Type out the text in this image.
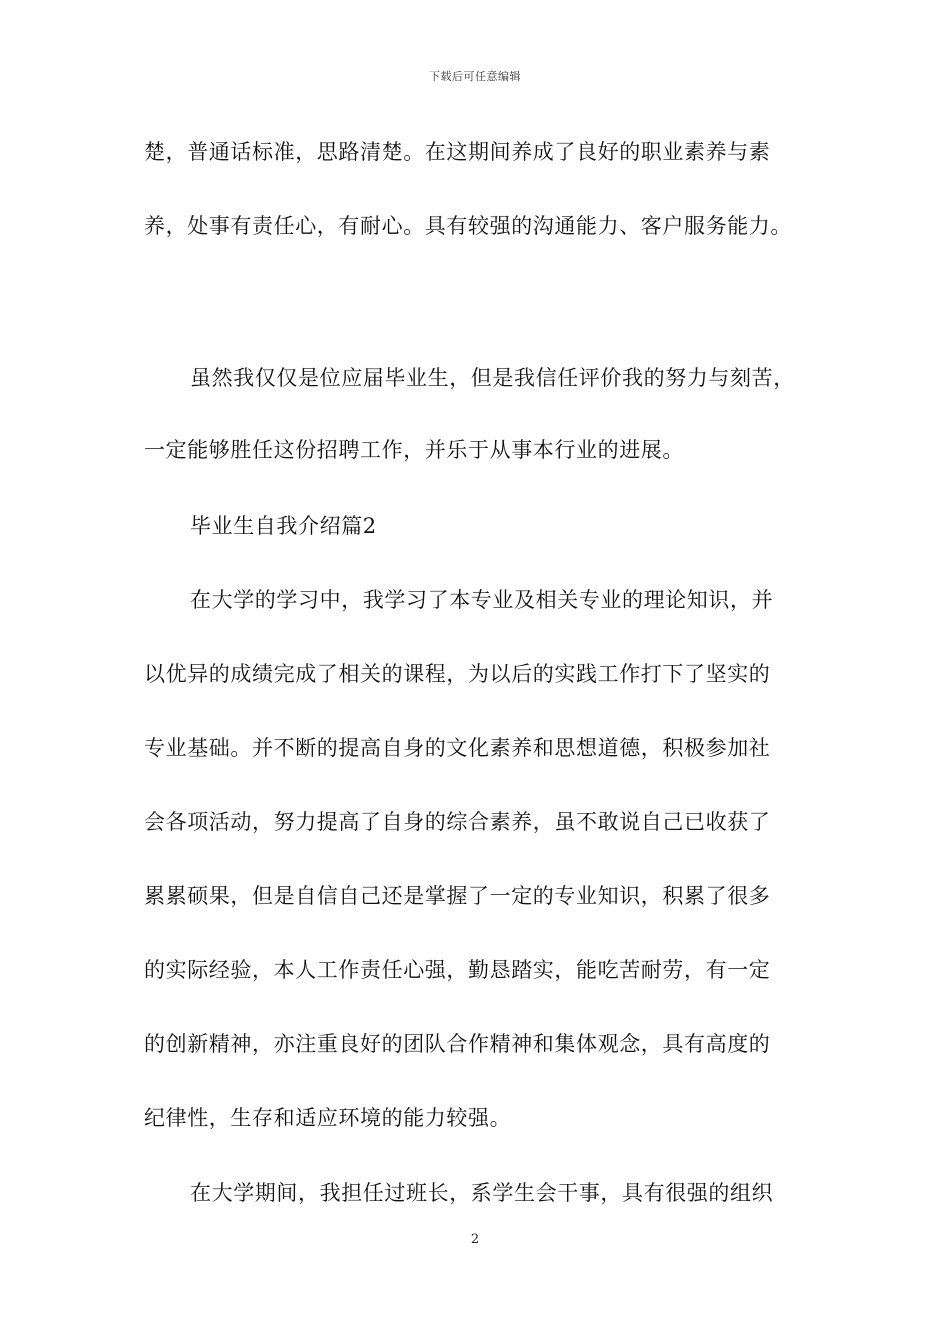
下载后可任意编辑
楚，普通话标准，思路清楚。在这期间养成了良好的职业素养与素
养，处事有责任心，有耐心。具有较强的沟通能力、客户服务能力。
虽然我仅仅是位应届毕业生，但是我信任评价我的努力与刻苦，
一定能够胜任这份招聘工作，并乐于从事本行业的进展。
毕业生自我介绍篇2
在大学的学习中，我学习了本专业及相关专业的理论知识，并
以优异的成绩完成了相关的课程，为以后的实践工作打下了坚实的
专业基础。并不断的提高自身的文化素养和思想道德，积极参加社
会各项活动，努力提高了自身的综合素养，虽不敢说自己已收获了
累累硕果，但是自信自己还是掌握了一定的专业知识，积累了很多
的实际经验，本人工作责任心强，勤恳踏实，能吃苦耐劳，有一定
的创新精神，亦注重良好的团队合作精神和集体观念，具有高度的
纪律性，生存和适应环境的能力较强。
在大学期间，我担任过班长，系学生会干事，具有很强的组织
2
